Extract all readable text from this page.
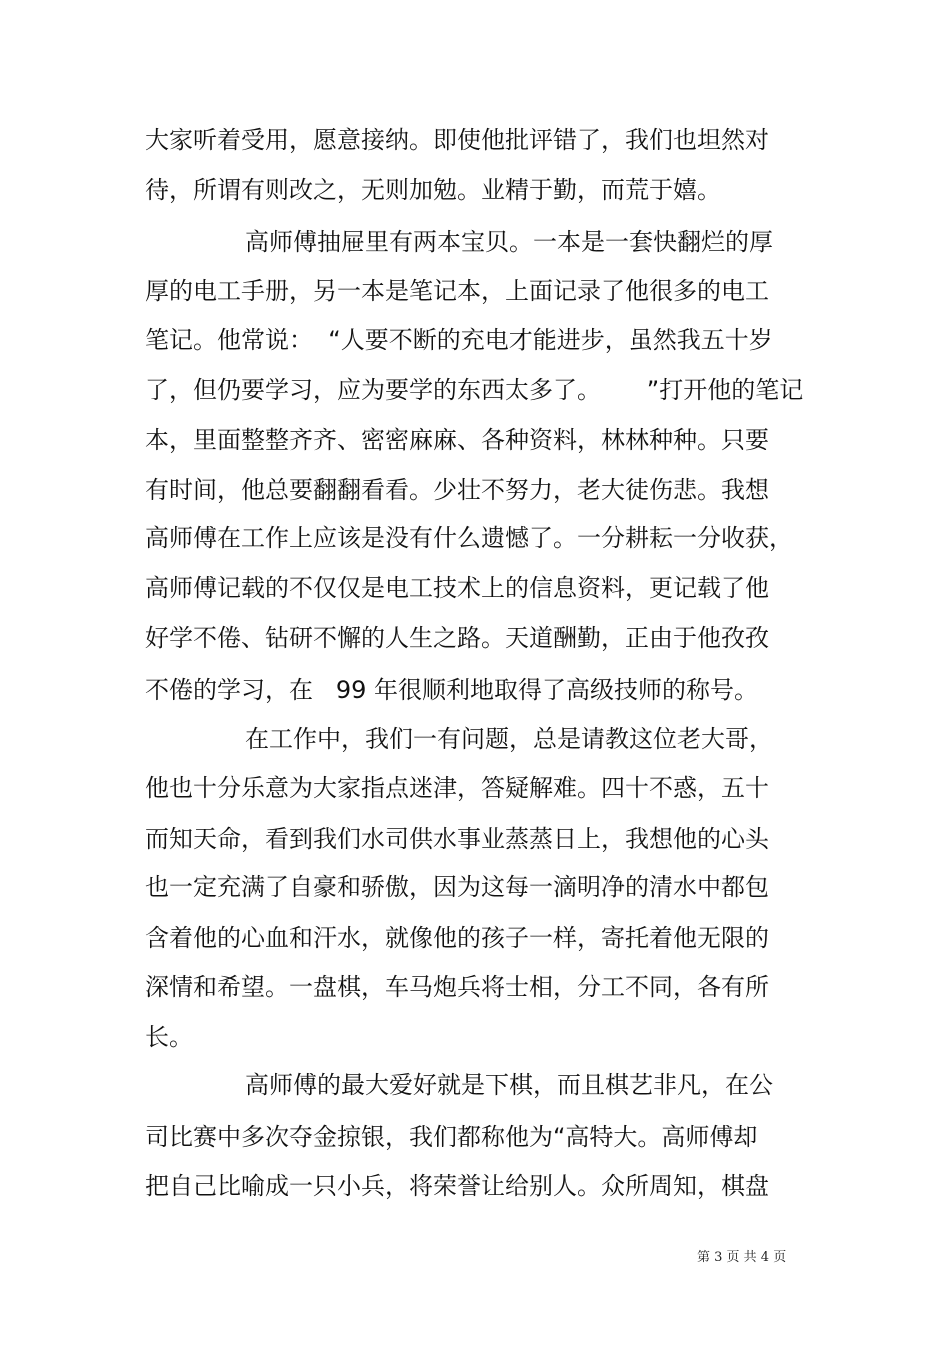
大家听着受用，愿意接纳。即使他批评错了，我们也坦然对
待，所谓有则改之，无则加勉。业精于勤，而荒于嬉。
高师傅抽屉里有两本宝贝。一本是一套快翻烂的厚
厚的电工手册，另一本是笔记本，上面记录了他很多的电工
笔记。他常说：  “人要不断的充电才能进步，虽然我五十岁
了，但仍要学习，应为要学的东西太多了。      ”打开他的笔记
本，里面整整齐齐、密密麻麻、各种资料，林林种种。只要
有时间，他总要翻翻看看。少壮不努力，老大徒伤悲。我想
高师傅在工作上应该是没有什么遗憾了。一分耕耘一分收获，
高师傅记载的不仅仅是电工技术上的信息资料，更记载了他
好学不倦、钻研不懈的人生之路。天道酬勤，正由于他孜孜
不倦的学习，在   99 年很顺利地取得了高级技师的称号。
在工作中，我们一有问题，总是请教这位老大哥，
他也十分乐意为大家指点迷津，答疑解难。四十不惑，五十
而知天命，看到我们水司供水事业蒸蒸日上，我想他的心头
也一定充满了自豪和骄傲，因为这每一滴明净的清水中都包
含着他的心血和汗水，就像他的孩子一样，寄托着他无限的
深情和希望。一盘棋，车马炮兵将士相，分工不同，各有所
长。
高师傅的最大爱好就是下棋，而且棋艺非凡，在公
司比赛中多次夺金掠银，我们都称他为“高特大。高师傅却
把自己比喻成一只小兵，将荣誉让给别人。众所周知，棋盘
第 3 页 共 4 页
